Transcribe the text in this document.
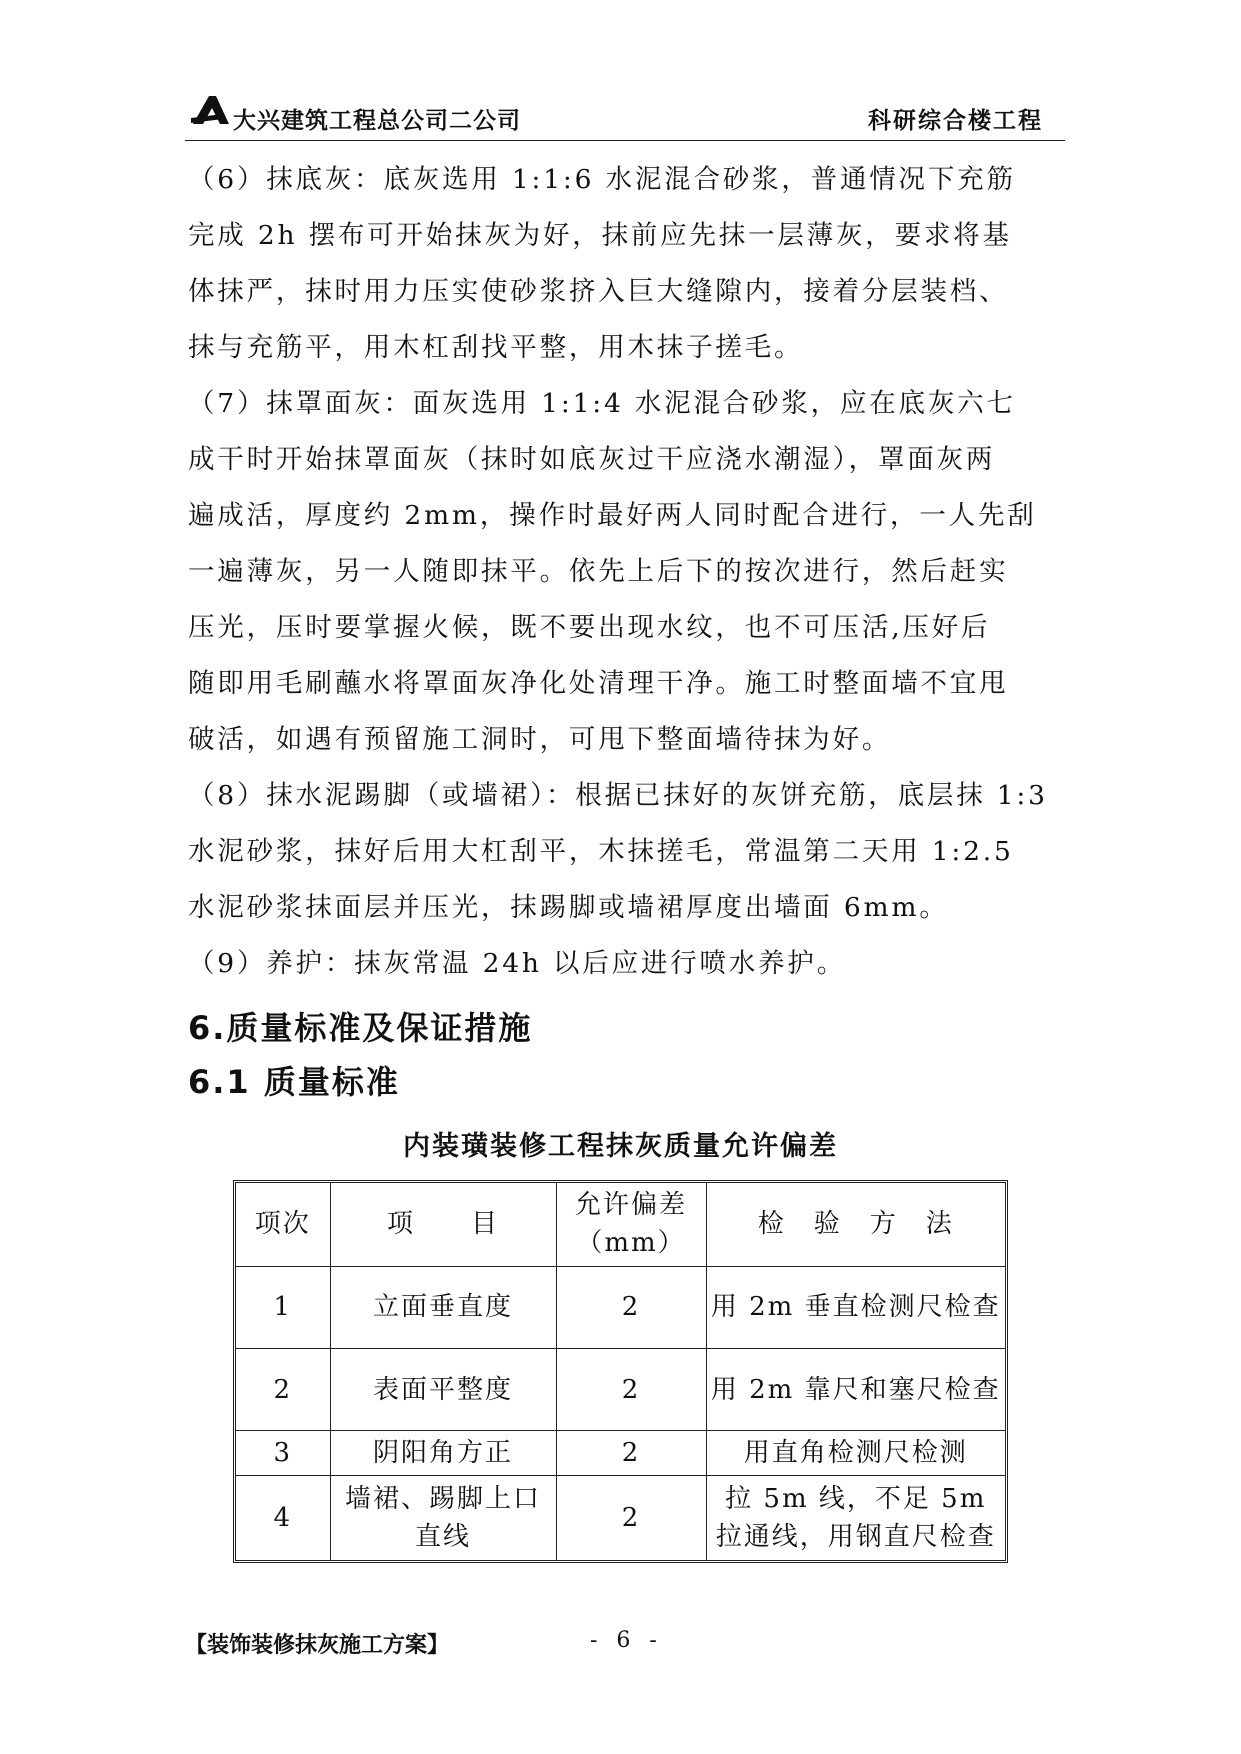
大兴建筑工程总公司二公司	科研综合楼工程
（6）抹底灰：底灰选用 1:1:6 水泥混合砂浆，普通情况下充筋
完成 2h 摆布可开始抹灰为好，抹前应先抹一层薄灰，要求将基
体抹严，抹时用力压实使砂浆挤入巨大缝隙内，接着分层装档、
抹与充筋平，用木杠刮找平整，用木抹子搓毛。
（7）抹罩面灰：面灰选用 1:1:4 水泥混合砂浆，应在底灰六七
成干时开始抹罩面灰（抹时如底灰过干应浇水潮湿），罩面灰两
遍成活，厚度约 2mm，操作时最好两人同时配合进行，一人先刮
一遍薄灰，另一人随即抹平。依先上后下的按次进行，然后赶实
压光，压时要掌握火候，既不要出现水纹，也不可压活,压好后
随即用毛刷蘸水将罩面灰净化处清理干净。施工时整面墙不宜甩
破活，如遇有预留施工洞时，可甩下整面墙待抹为好。
（8）抹水泥踢脚（或墙裙）：根据已抹好的灰饼充筋，底层抹 1:3
水泥砂浆，抹好后用大杠刮平，木抹搓毛，常温第二天用 1:2.5
水泥砂浆抹面层并压光，抹踢脚或墙裙厚度出墙面 6mm。
（9）养护：抹灰常温 24h 以后应进行喷水养护。
6.质量标准及保证措施
6.1 质量标准
内装璜装修工程抹灰质量允许偏差
项次	项　　目	允许偏差（mm）	检　验　方　法
1	立面垂直度	2	用 2m 垂直检测尺检查
2	表面平整度	2	用 2m 靠尺和塞尺检查
3	阴阳角方正	2	用直角检测尺检测
4	墙裙、踢脚上口直线	2	拉 5m 线，不足 5m 拉通线，用钢直尺检查
【装饰装修抹灰施工方案】	- 6 -
